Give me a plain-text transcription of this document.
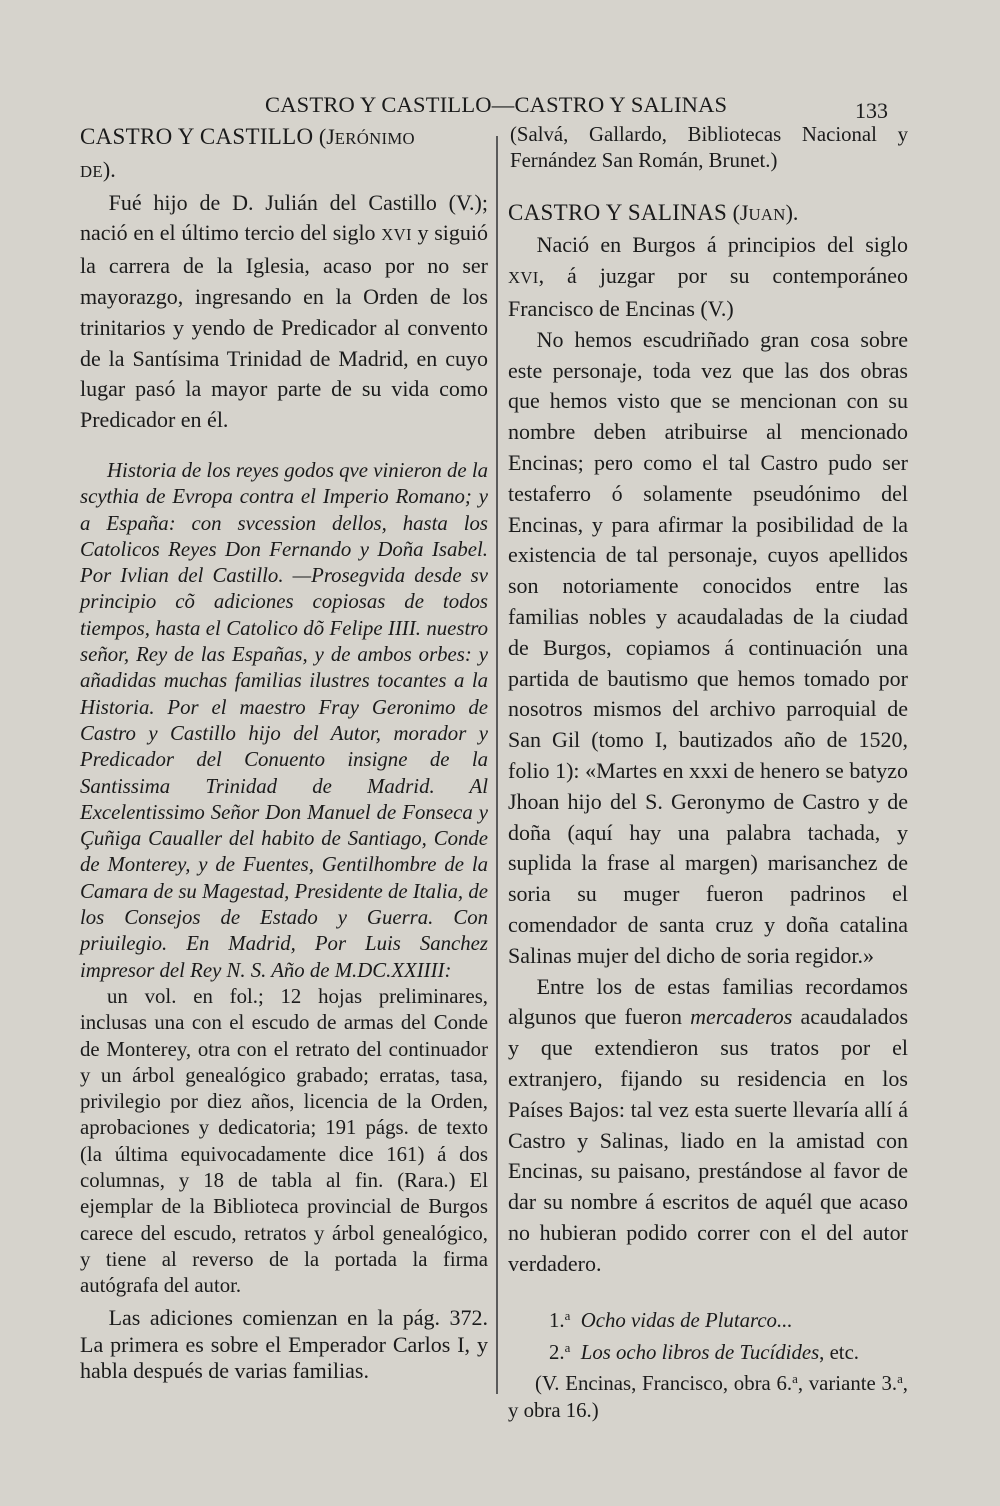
CASTRO Y CASTILLO—CASTRO Y SALINAS	133

CASTRO Y CASTILLO (JERÓNIMO
DE).

Fué hijo de D. Julián del Castillo (V.); nació en el último tercio del siglo XVI y siguió la carrera de la Iglesia, acaso por no ser mayorazgo, ingresando en la Orden de los trinitarios y yendo de Predicador al convento de la Santísima Trinidad de Madrid, en cuyo lugar pasó la mayor parte de su vida como Predicador en él.

Historia de los reyes godos qve vinieron de la scythia de Evropa contra el Imperio Romano; y a España: con svcession dellos, hasta los Catolicos Reyes Don Fernando y Doña Isabel. Por Ivlian del Castillo. —Prosegvida desde sv principio cõ adiciones copiosas de todos tiempos, hasta el Catolico dõ Felipe IIII. nuestro señor, Rey de las Españas, y de ambos orbes: y añadidas muchas familias ilustres tocantes a la Historia. Por el maestro Fray Geronimo de Castro y Castillo hijo del Autor, morador y Predicador del Conuento insigne de la Santissima Trinidad de Madrid. Al Excelentissimo Señor Don Manuel de Fonseca y Çuñiga Caualler del habito de Santiago, Conde de Monterey, y de Fuentes, Gentilhombre de la Camara de su Magestad, Presidente de Italia, de los Consejos de Estado y Guerra. Con priuilegio. En Madrid, Por Luis Sanchez impresor del Rey N. S. Año de M.DC.XXIIII:

un vol. en fol.; 12 hojas preliminares, inclusas una con el escudo de armas del Conde de Monterey, otra con el retrato del continuador y un árbol genealógico grabado; erratas, tasa, privilegio por diez años, licencia de la Orden, aprobaciones y dedicatoria; 191 págs. de texto (la última equivocadamente dice 161) á dos columnas, y 18 de tabla al fin. (Rara.) El ejemplar de la Biblioteca provincial de Burgos carece del escudo, retratos y árbol genealógico, y tiene al reverso de la portada la firma autógrafa del autor.

Las adiciones comienzan en la pág. 372. La primera es sobre el Emperador Carlos I, y habla después de varias familias.

(Salvá, Gallardo, Bibliotecas Nacional y Fernández San Román, Brunet.)

CASTRO Y SALINAS (JUAN).

Nació en Burgos á principios del siglo XVI, á juzgar por su contemporáneo Francisco de Encinas (V.)

No hemos escudriñado gran cosa sobre este personaje, toda vez que las dos obras que hemos visto que se mencionan con su nombre deben atribuirse al mencionado Encinas; pero como el tal Castro pudo ser testaferro ó solamente pseudónimo del Encinas, y para afirmar la posibilidad de la existencia de tal personaje, cuyos apellidos son notoriamente conocidos entre las familias nobles y acaudaladas de la ciudad de Burgos, copiamos á continuación una partida de bautismo que hemos tomado por nosotros mismos del archivo parroquial de San Gil (tomo I, bautizados año de 1520, folio 1): «Martes en xxxi de henero se batyzo Jhoan hijo del S. Geronymo de Castro y de doña (aquí hay una palabra tachada, y suplida la frase al margen) marisanchez de soria su muger fueron padrinos el comendador de santa cruz y doña catalina Salinas mujer del dicho de soria regidor.»

Entre los de estas familias recordamos algunos que fueron mercaderos acaudalados y que extendieron sus tratos por el extranjero, fijando su residencia en los Países Bajos: tal vez esta suerte llevaría allí á Castro y Salinas, liado en la amistad con Encinas, su paisano, prestándose al favor de dar su nombre á escritos de aquél que acaso no hubieran podido correr con el del autor verdadero.

1.$^a$ Ocho vidas de Plutarco...

2.$^a$ Los ocho libros de Tucídides, etc.

(V. Encinas, Francisco, obra 6.$^a$, variante 3.$^a$, y obra 16.)
